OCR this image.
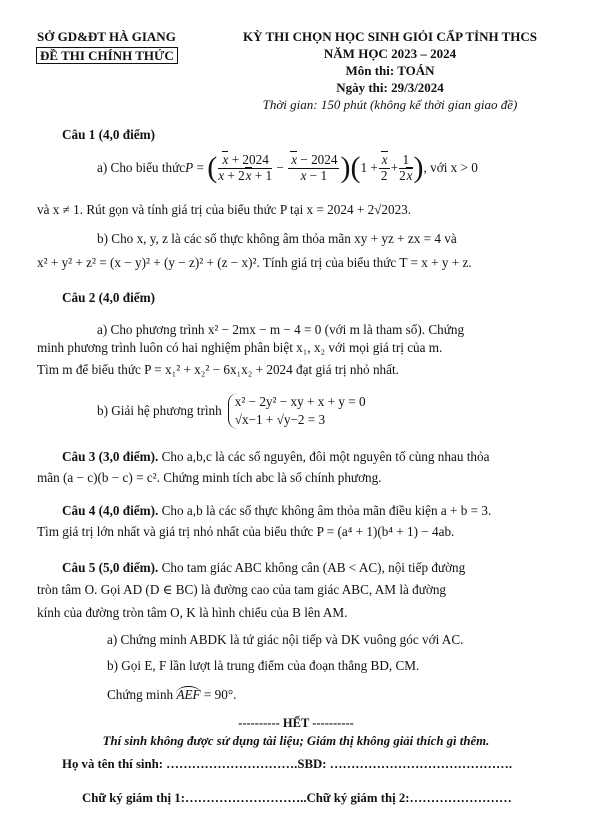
SỞ GD&ĐT HÀ GIANG
ĐỀ THI CHÍNH THỨC
KỲ THI CHỌN HỌC SINH GIỎI CẤP TỈNH THCS
NĂM HỌC 2023 – 2024
Môn thi: TOÁN
Ngày thi: 29/3/2024
Thời gian: 150 phút (không kể thời gian giao đề)
Câu 1 (4,0 điểm)
a) Cho biểu thức P = ( $\frac{x + 2024}{x + 2x + 1} - \frac{x - 2024}{x - 1}$ ) ( $1 + \frac{x}{2} + \frac{1}{2x}$ ) , với x > 0
và x ≠ 1. Rút gọn và tính giá trị của biểu thức P tại x = 2024 + 2√2023.
b) Cho x, y, z là các số thực không âm thỏa mãn xy + yz + zx = 4 và
x² + y² + z² = (x − y)² + (y − z)² + (z − x)². Tính giá trị của biểu thức T = x + y + z.
Câu 2 (4,0 điểm)
a) Cho phương trình x² − 2mx − m − 4 = 0 (với m là tham số). Chứng
minh phương trình luôn có hai nghiệm phân biệt x₁, x₂ với mọi giá trị của m.
Tìm m để biểu thức P = x₁² + x₂² − 6x₁x₂ + 2024 đạt giá trị nhỏ nhất.
b) Giải hệ phương trình
x² − 2y² − xy + x + y = 0
√x−1 + √y−2 = 3
Câu 3 (3,0 điểm). Cho a,b,c là các số nguyên, đôi một nguyên tố cùng nhau thỏa
mãn (a − c)(b − c) = c². Chứng minh tích abc là số chính phương.
Câu 4 (4,0 điểm). Cho a,b là các số thực không âm thỏa mãn điều kiện a + b = 3.
Tìm giá trị lớn nhất và giá trị nhỏ nhất của biểu thức P = (a⁴ + 1)(b⁴ + 1) − 4ab.
Câu 5 (5,0 điểm). Cho tam giác ABC không cân (AB < AC), nội tiếp đường
tròn tâm O. Gọi AD (D ∈ BC) là đường cao của tam giác ABC, AM là đường
kính của đường tròn tâm O, K là hình chiếu của B lên AM.
a) Chứng minh ABDK là tứ giác nội tiếp và DK vuông góc với AC.
b) Gọi E, F lần lượt là trung điểm của đoạn thẳng BD, CM.
Chứng minh AEF = 90°.
---------- HẾT ----------
Thí sinh không được sử dụng tài liệu; Giám thị không giải thích gì thêm.
Họ và tên thí sinh: ………………………….SBD: …………………………………….
Chữ ký giám thị 1:………………………..Chữ ký giám thị 2:……………………
